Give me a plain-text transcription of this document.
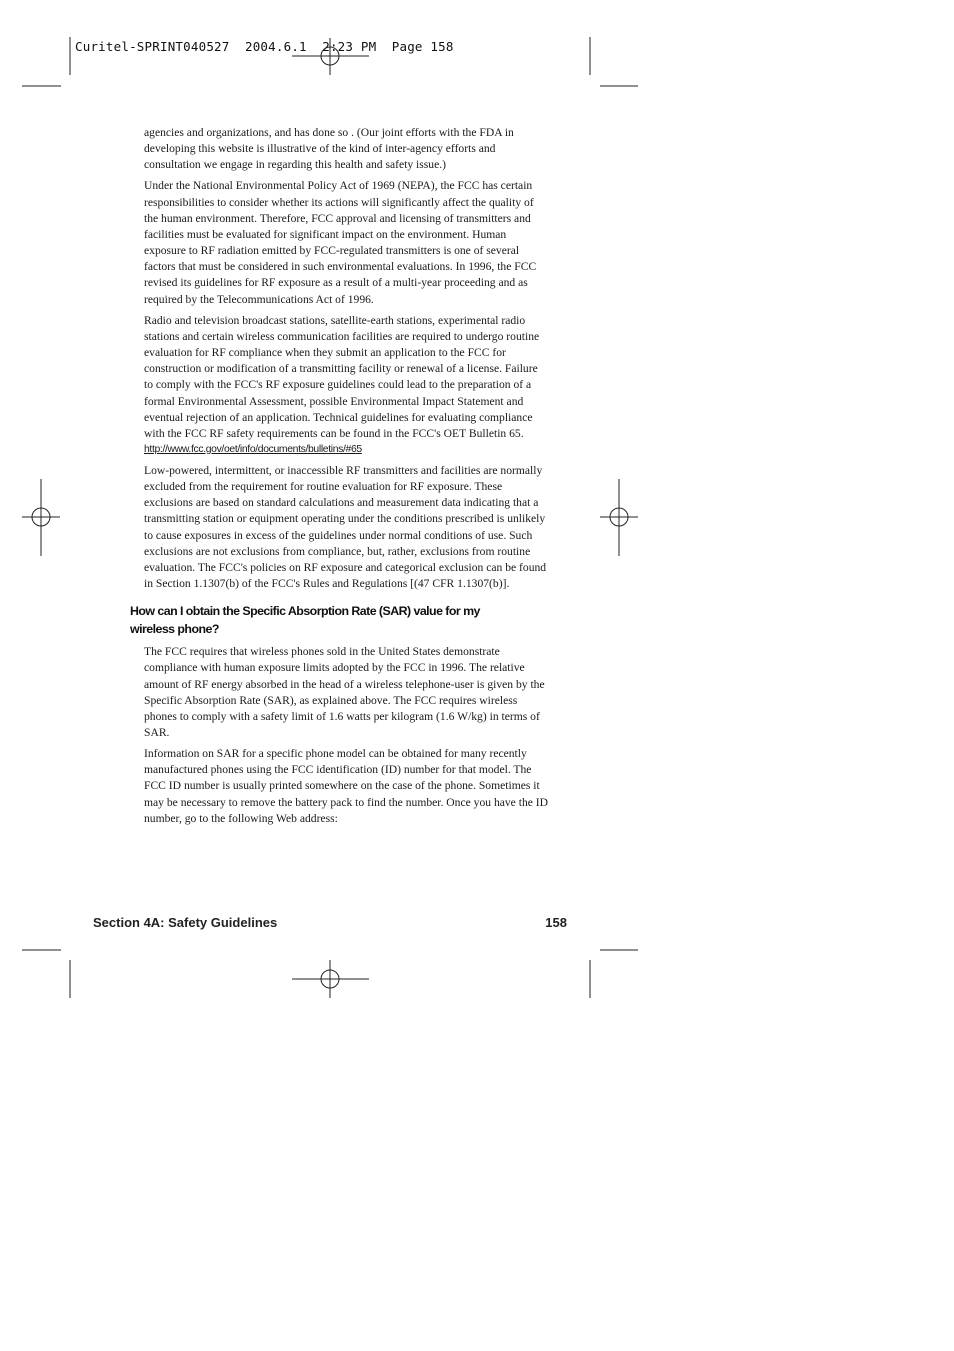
Curitel-SPRINT040527  2004.6.1  2:23 PM  Page 158

agencies and organizations, and has done so . (Our joint efforts with the FDA in developing this website is illustrative of the kind of inter-agency efforts and consultation we engage in regarding this health and safety issue.)

Under the National Environmental Policy Act of 1969 (NEPA), the FCC has certain responsibilities to consider whether its actions will significantly affect the quality of the human environment. Therefore, FCC approval and licensing of transmitters and facilities must be evaluated for significant impact on the environment. Human exposure to RF radiation emitted by FCC-regulated transmitters is one of several factors that must be considered in such environmental evaluations. In 1996, the FCC revised its guidelines for RF exposure as a result of a multi-year proceeding and as required by the Telecommunications Act of 1996.

Radio and television broadcast stations, satellite-earth stations, experimental radio stations and certain wireless communication facilities are required to undergo routine evaluation for RF compliance when they submit an application to the FCC for construction or modification of a transmitting facility or renewal of a license. Failure to comply with the FCC's RF exposure guidelines could lead to the preparation of a formal Environmental Assessment, possible Environmental Impact Statement and eventual rejection of an application. Technical guidelines for evaluating compliance with the FCC RF safety requirements can be found in the FCC's OET Bulletin 65.

http://www.fcc.gov/oet/info/documents/bulletins/#65

Low-powered, intermittent, or inaccessible RF transmitters and facilities are normally excluded from the requirement for routine evaluation for RF exposure. These exclusions are based on standard calculations and measurement data indicating that a transmitting station or equipment operating under the conditions prescribed is unlikely to cause exposures in excess of the guidelines under normal conditions of use. Such exclusions are not exclusions from compliance, but, rather, exclusions from routine evaluation. The FCC's policies on RF exposure and categorical exclusion can be found in Section 1.1307(b) of the FCC's Rules and Regulations [(47 CFR 1.1307(b)].

How can I obtain the Specific Absorption Rate (SAR) value for my wireless phone?

The FCC requires that wireless phones sold in the United States demonstrate compliance with human exposure limits adopted by the FCC in 1996. The relative amount of RF energy absorbed in the head of a wireless telephone-user is given by the Specific Absorption Rate (SAR), as explained above. The FCC requires wireless phones to comply with a safety limit of 1.6 watts per kilogram (1.6 W/kg) in terms of SAR.

Information on SAR for a specific phone model can be obtained for many recently manufactured phones using the FCC identification (ID) number for that model. The FCC ID number is usually printed somewhere on the case of the phone. Sometimes it may be necessary to remove the battery pack to find the number. Once you have the ID number, go to the following Web address:

Section 4A: Safety Guidelines	158
